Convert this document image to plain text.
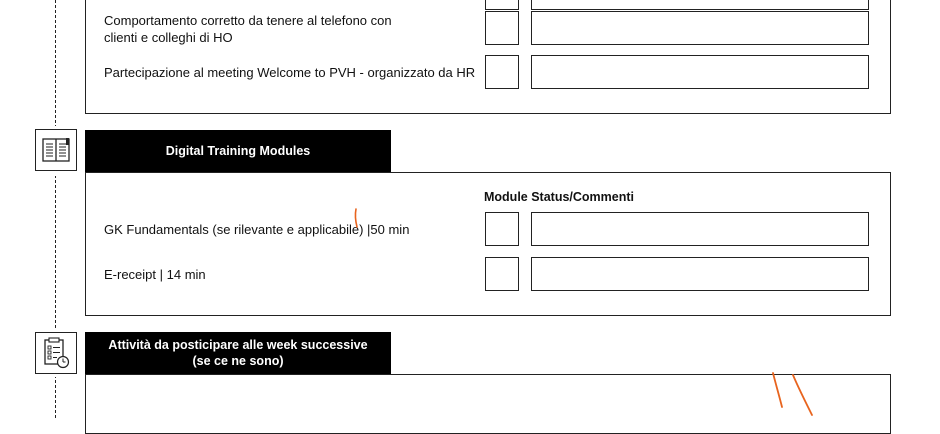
Comportamento corretto da tenere al telefono con
clienti e colleghi di HO
Partecipazione al meeting Welcome to PVH - organizzato da HR
Digital Training Modules
Module Status/Commenti
GK Fundamentals (se rilevante e applicabile) |50 min
E-receipt | 14 min
Attività da posticipare alle week successive
(se ce ne sono)
